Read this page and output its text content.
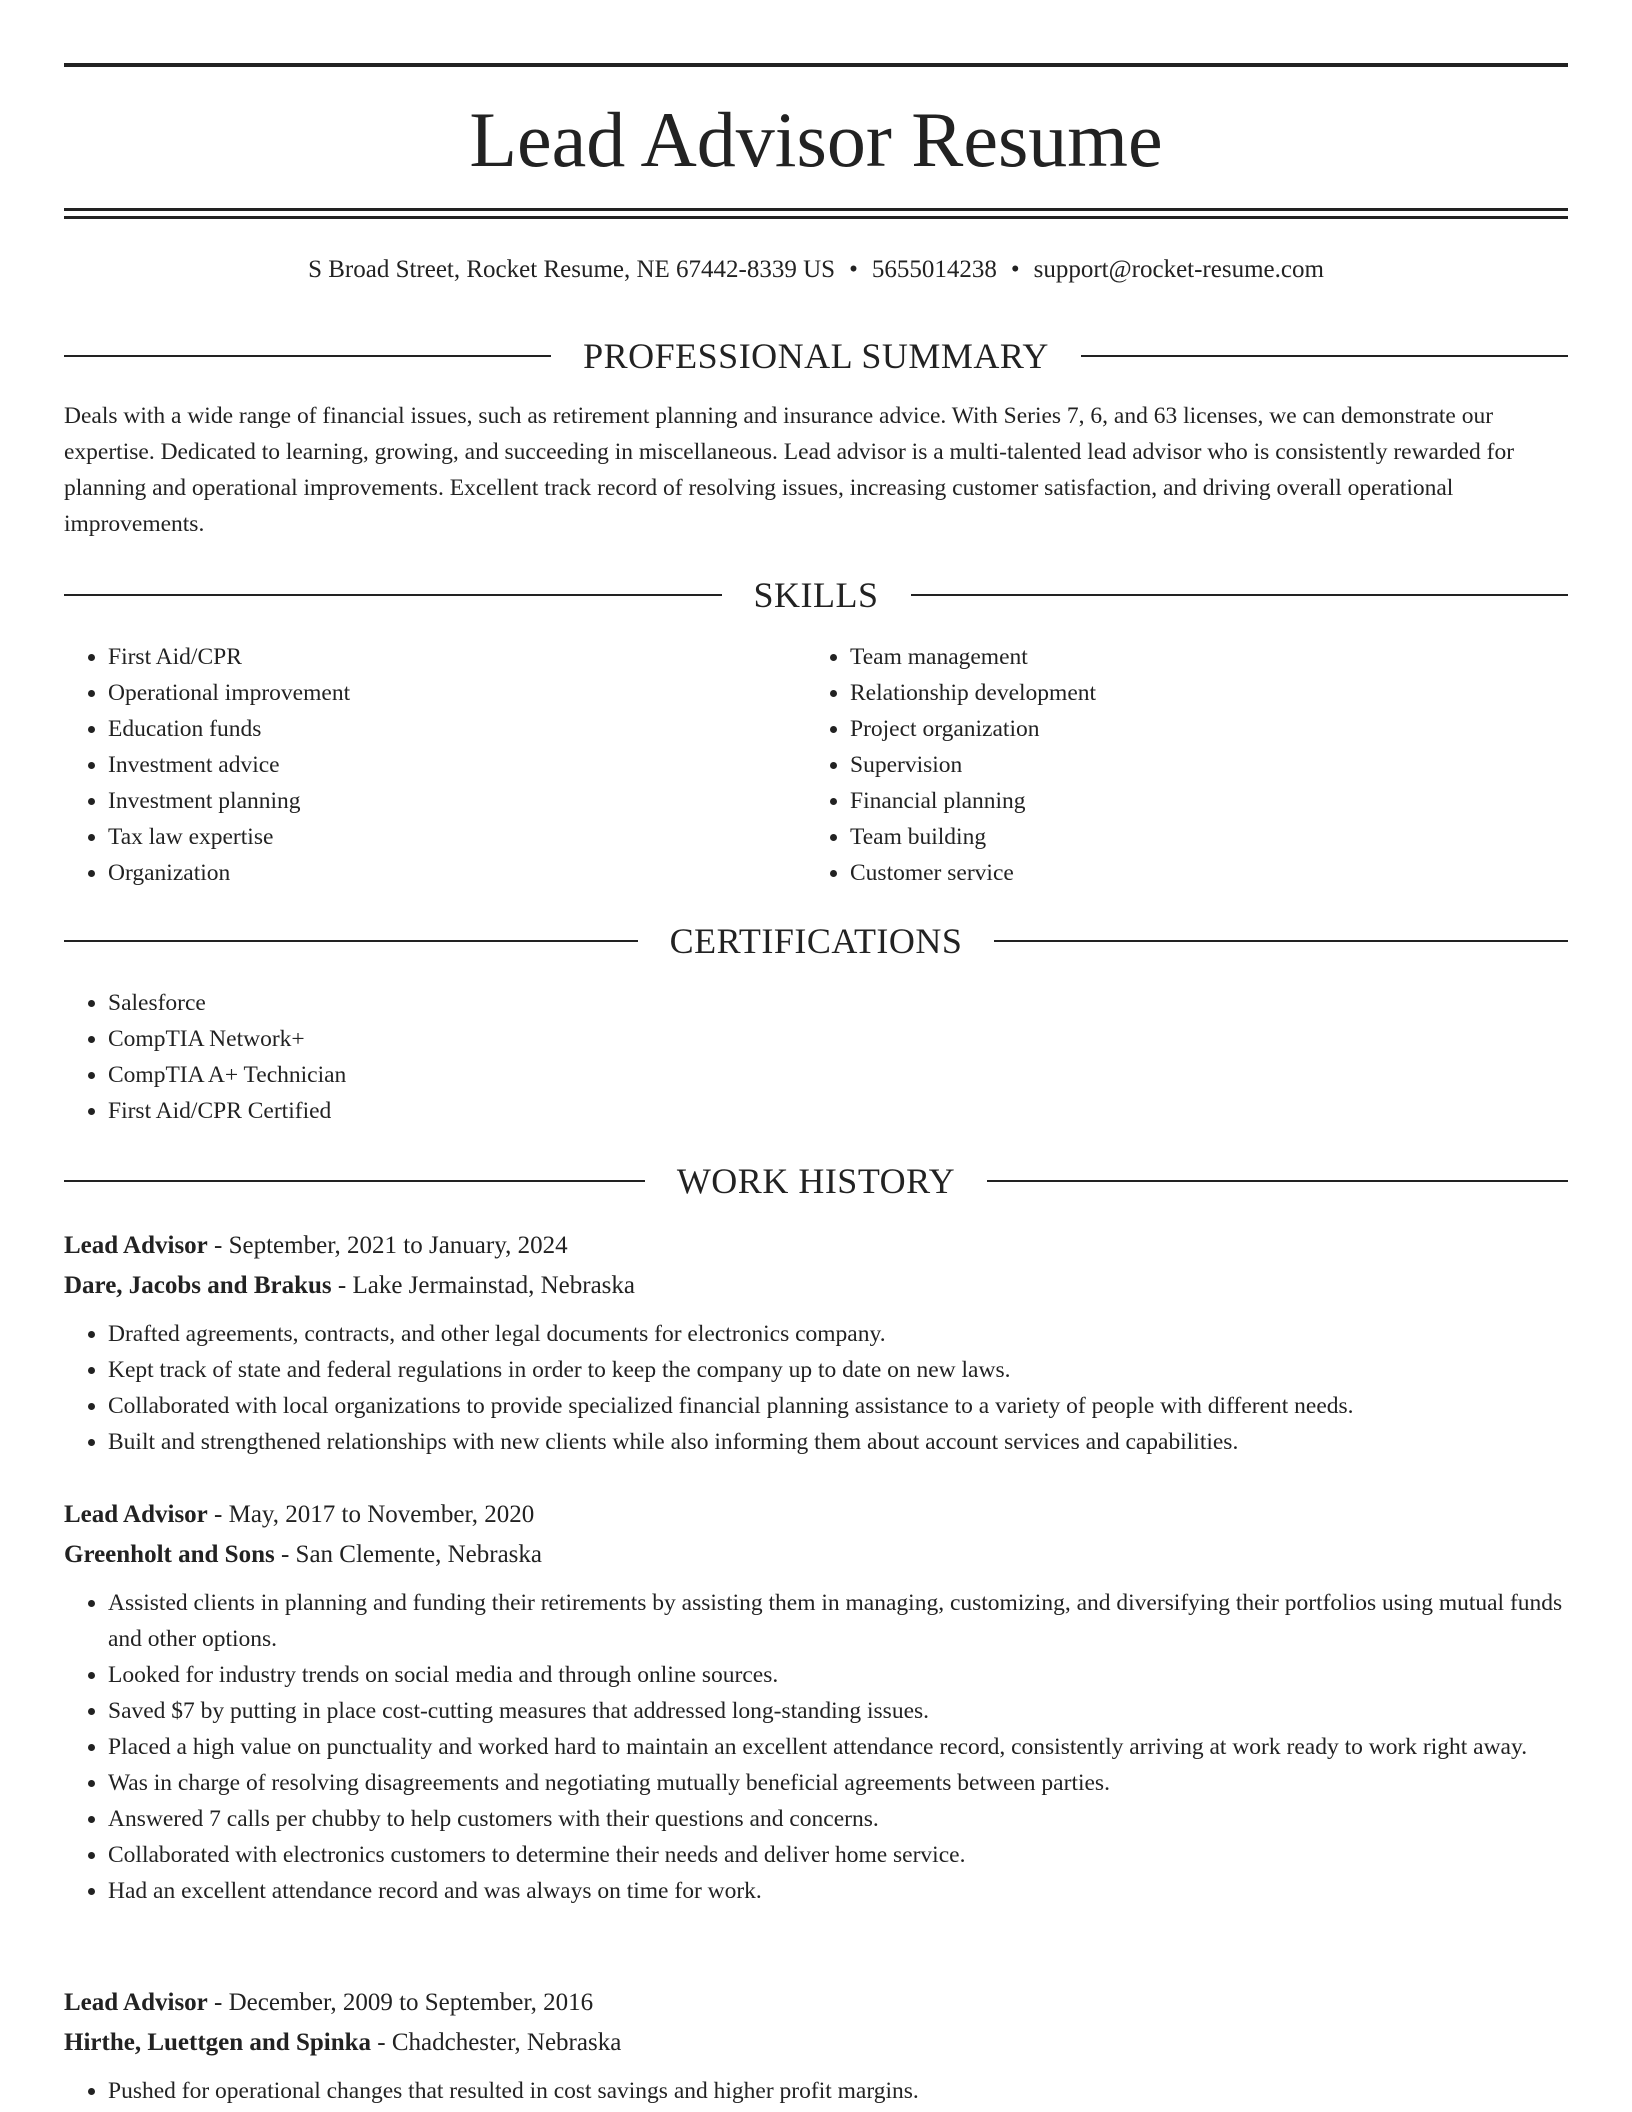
Lead Advisor Resume
S Broad Street, Rocket Resume, NE 67442-8339 US • 5655014238 • support@rocket-resume.com
PROFESSIONAL SUMMARY

Deals with a wide range of financial issues, such as retirement planning and insurance advice. With Series 7, 6, and 63 licenses, we can demonstrate our expertise. Dedicated to learning, growing, and succeeding in miscellaneous. Lead advisor is a multi-talented lead advisor who is consistently rewarded for planning and operational improvements. Excellent track record of resolving issues, increasing customer satisfaction, and driving overall operational improvements.

SKILLS
• First Aid/CPR
• Operational improvement
• Education funds
• Investment advice
• Investment planning
• Tax law expertise
• Organization
• Team management
• Relationship development
• Project organization
• Supervision
• Financial planning
• Team building
• Customer service
CERTIFICATIONS
• Salesforce
• CompTIA Network+
• CompTIA A+ Technician
• First Aid/CPR Certified
WORK HISTORY
Lead Advisor - September, 2021 to January, 2024
Dare, Jacobs and Brakus - Lake Jermainstad, Nebraska
• Drafted agreements, contracts, and other legal documents for electronics company.
• Kept track of state and federal regulations in order to keep the company up to date on new laws.
• Collaborated with local organizations to provide specialized financial planning assistance to a variety of people with different needs.
• Built and strengthened relationships with new clients while also informing them about account services and capabilities.
Lead Advisor - May, 2017 to November, 2020
Greenholt and Sons - San Clemente, Nebraska
• Assisted clients in planning and funding their retirements by assisting them in managing, customizing, and diversifying their portfolios using mutual funds and other options.
• Looked for industry trends on social media and through online sources.
• Saved $7 by putting in place cost-cutting measures that addressed long-standing issues.
• Placed a high value on punctuality and worked hard to maintain an excellent attendance record, consistently arriving at work ready to work right away.
• Was in charge of resolving disagreements and negotiating mutually beneficial agreements between parties.
• Answered 7 calls per chubby to help customers with their questions and concerns.
• Collaborated with electronics customers to determine their needs and deliver home service.
• Had an excellent attendance record and was always on time for work.
Lead Advisor - December, 2009 to September, 2016
Hirthe, Luettgen and Spinka - Chadchester, Nebraska
• Pushed for operational changes that resulted in cost savings and higher profit margins.
